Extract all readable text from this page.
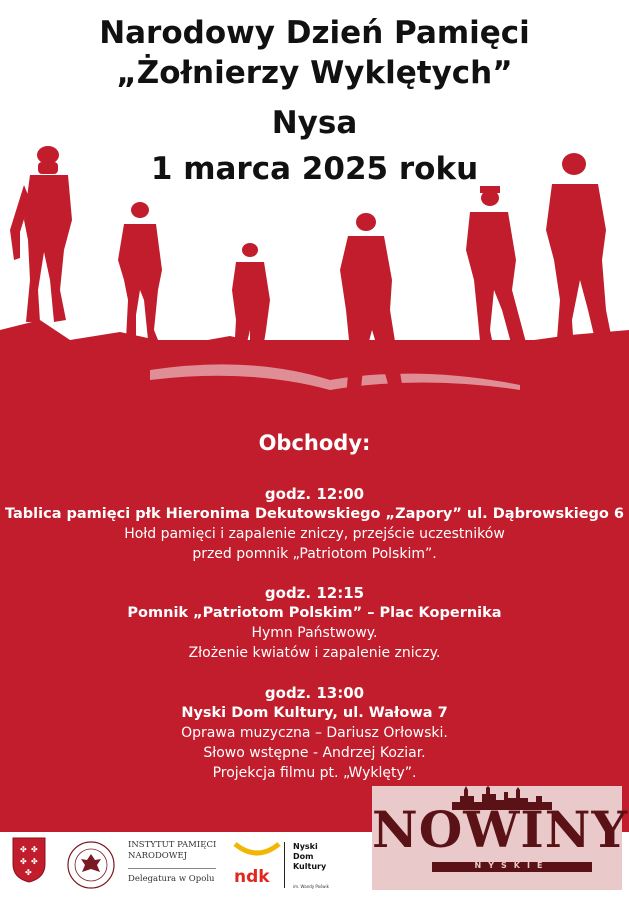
Narodowy Dzień Pamięci
„Żołnierzy Wyklętych”
Nysa
1 marca 2025 roku
Obchody:
godz. 12:00
Tablica pamięci płk Hieronima Dekutowskiego „Zapory” ul. Dąbrowskiego 6
Hołd pamięci i zapalenie zniczy, przejście uczestników
przed pomnik „Patriotom Polskim”.
godz. 12:15
Pomnik „Patriotom Polskim” – Plac Kopernika
Hymn Państwowy.
Złożenie kwiatów i zapalenie zniczy.
godz. 13:00
Nyski Dom Kultury, ul. Wałowa 7
Oprawa muzyczna – Dariusz Orłowski.
Słowo wstępne - Andrzej Koziar.
Projekcja filmu pt. „Wyklęty”.
✤ ✤
✤ ✤
✤
INSTYTUT PAMIĘCI
NARODOWEJ
Delegatura w Opolu ndk
Nyski
Dom
Kultury
im. Wandy Poświk
NOWINY
NYSKIE
